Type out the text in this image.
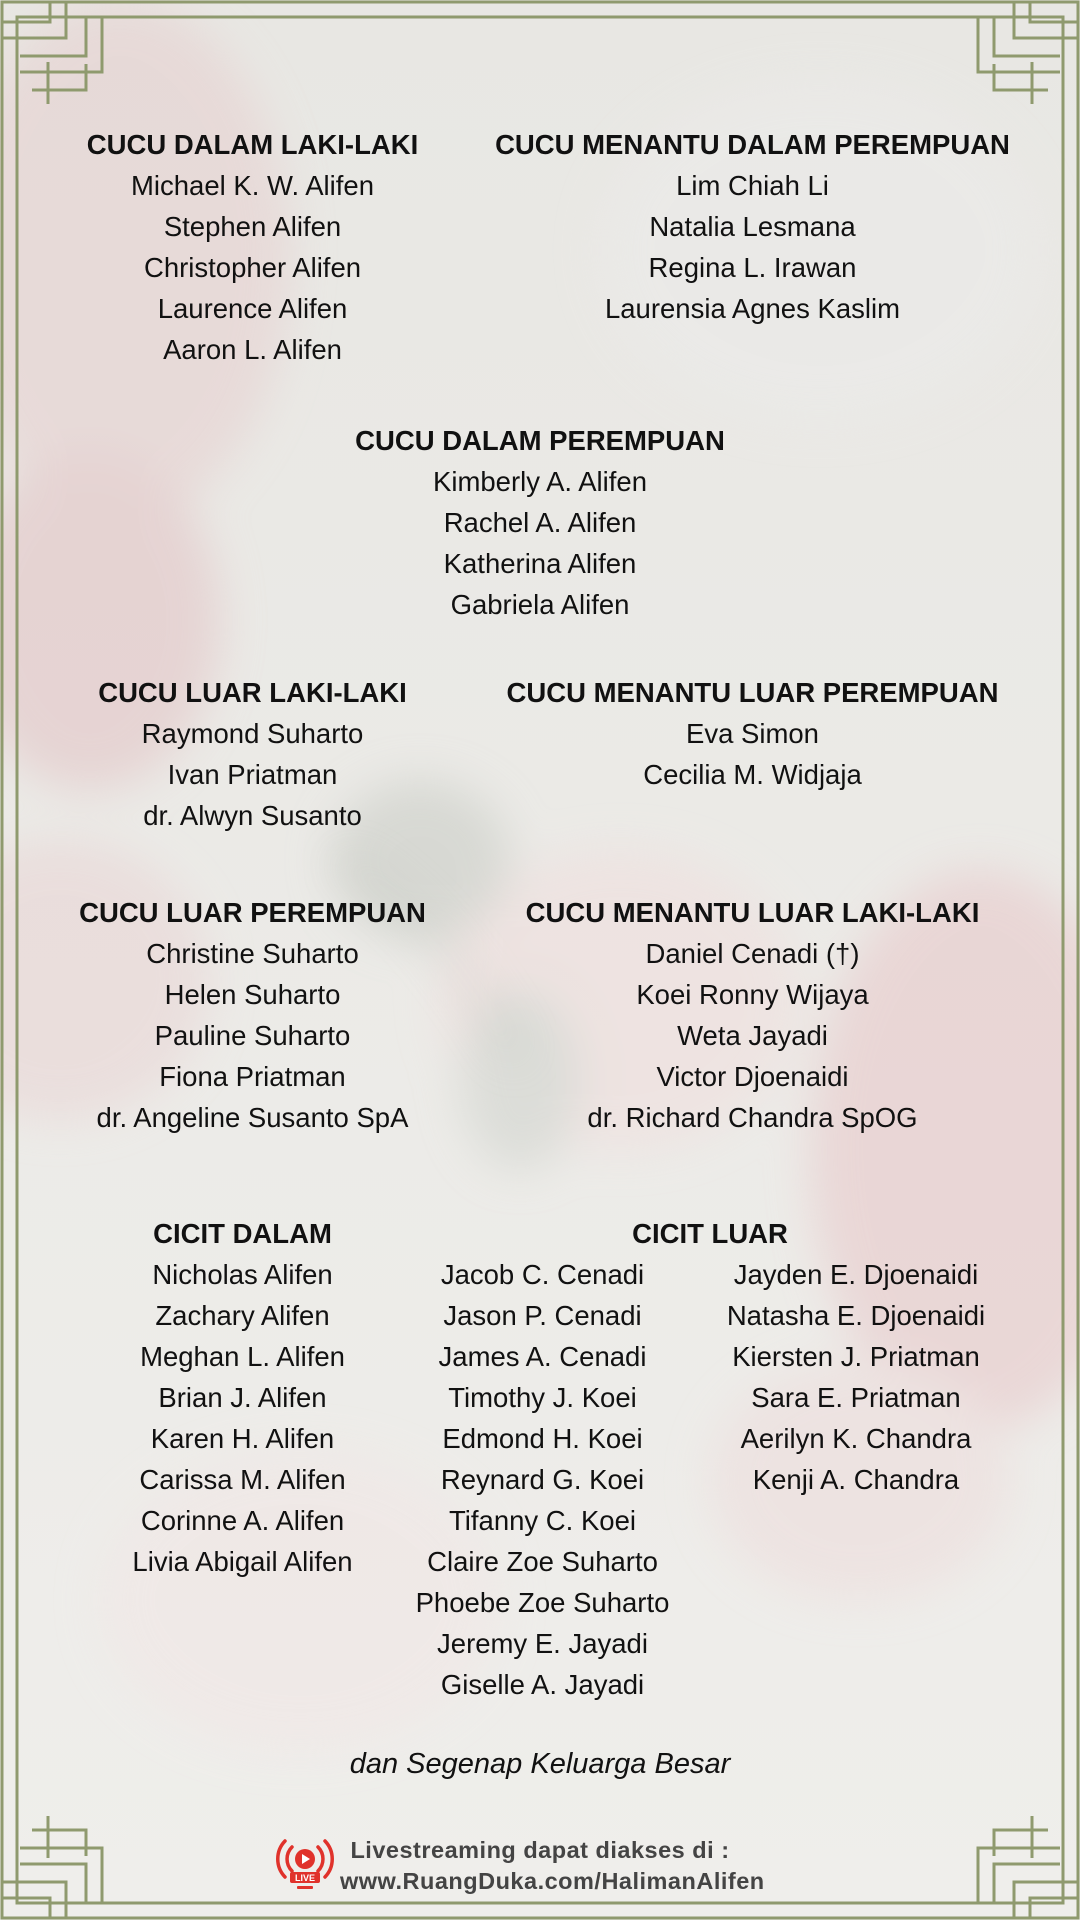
CUCU DALAM LAKI-LAKI
Michael K. W. Alifen
Stephen Alifen
Christopher Alifen
Laurence Alifen
Aaron L. Alifen
CUCU MENANTU DALAM PEREMPUAN
Lim Chiah Li
Natalia Lesmana
Regina L. Irawan
Laurensia Agnes Kaslim
CUCU DALAM PEREMPUAN
Kimberly A. Alifen
Rachel A. Alifen
Katherina Alifen
Gabriela Alifen
CUCU LUAR LAKI-LAKI
Raymond Suharto
Ivan Priatman
dr. Alwyn Susanto
CUCU MENANTU LUAR PEREMPUAN
Eva Simon
Cecilia M. Widjaja
CUCU LUAR PEREMPUAN
Christine Suharto
Helen Suharto
Pauline Suharto
Fiona Priatman
dr. Angeline Susanto SpA
CUCU MENANTU LUAR LAKI-LAKI
Daniel Cenadi (†)
Koei Ronny Wijaya
Weta Jayadi
Victor Djoenaidi
dr. Richard Chandra SpOG
CICIT DALAM
Nicholas Alifen
Zachary Alifen
Meghan L. Alifen
Brian J. Alifen
Karen H. Alifen
Carissa M. Alifen
Corinne A. Alifen
Livia Abigail Alifen
CICIT LUAR
Jacob C. Cenadi
Jason P. Cenadi
James A. Cenadi
Timothy J. Koei
Edmond H. Koei
Reynard G. Koei
Tifanny C. Koei
Claire Zoe Suharto
Phoebe Zoe Suharto
Jeremy E. Jayadi
Giselle A. Jayadi
Jayden E. Djoenaidi
Natasha E. Djoenaidi
Kiersten J. Priatman
Sara E. Priatman
Aerilyn K. Chandra
Kenji A. Chandra
dan Segenap Keluarga Besar
LIVE
Livestreaming dapat diakses di :
www.RuangDuka.com/HalimanAlifen
